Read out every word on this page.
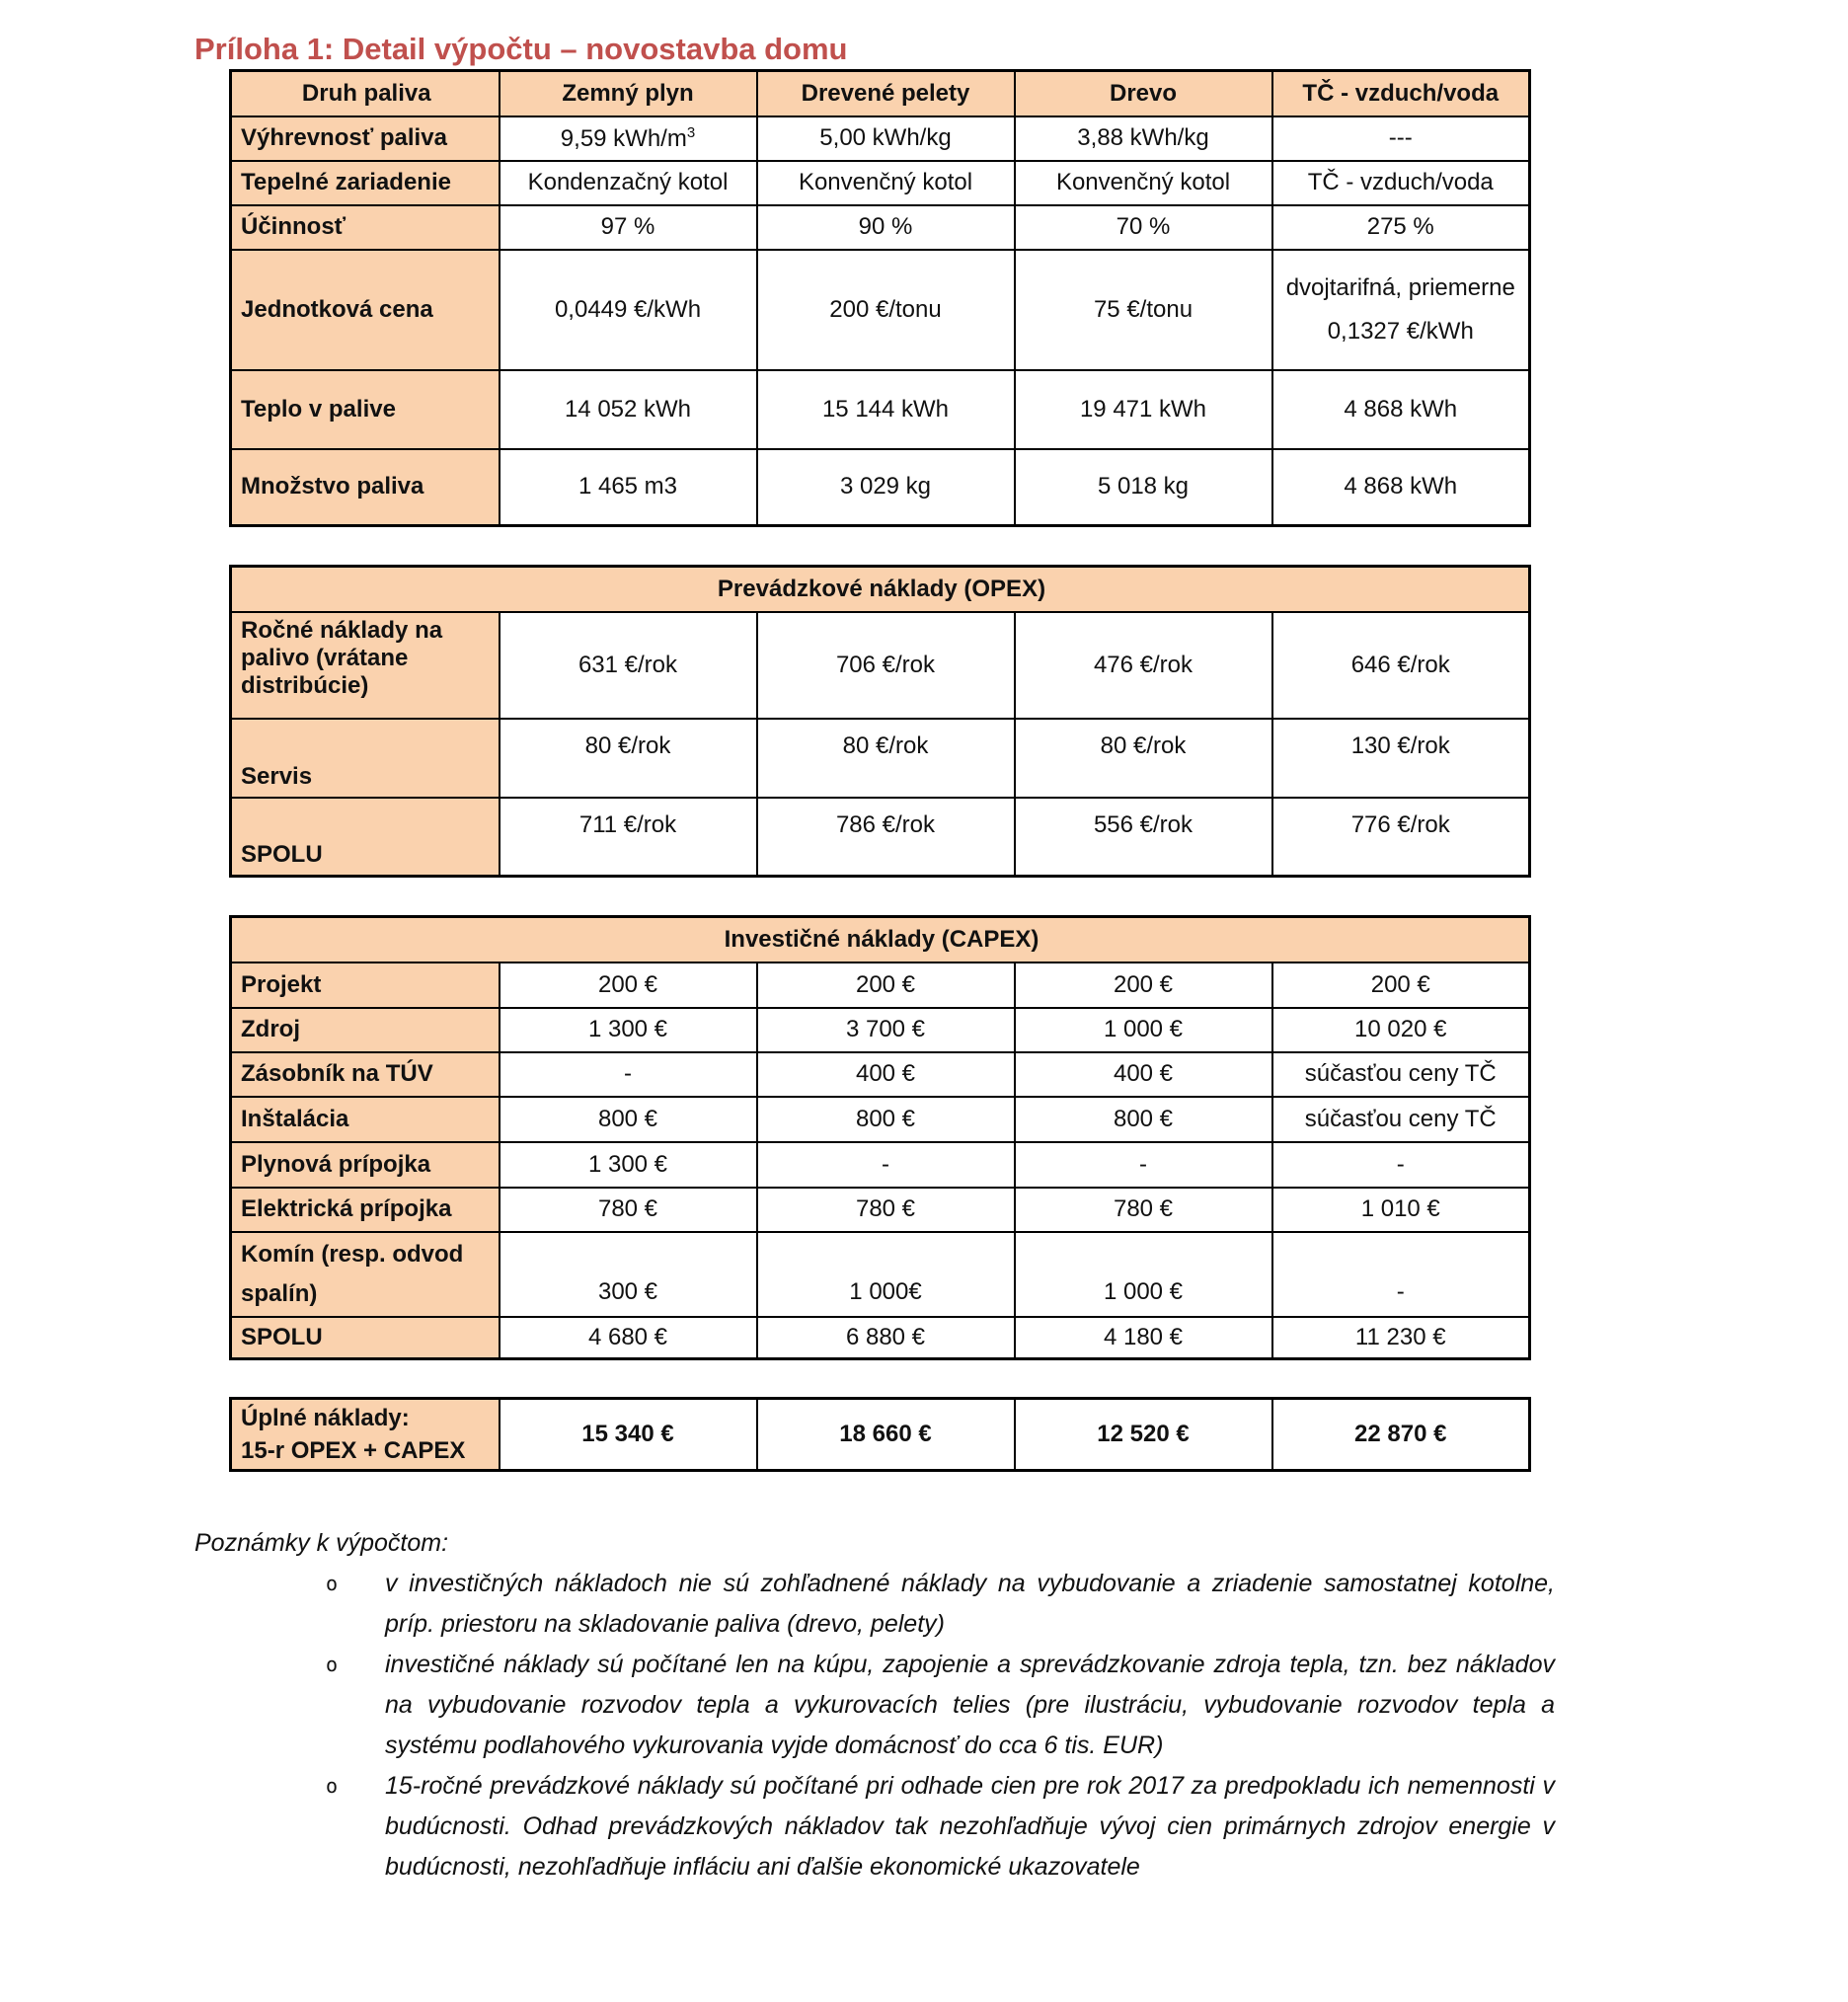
Príloha 1: Detail výpočtu – novostavba domu
Druh paliva	Zemný plyn	Drevené pelety	Drevo	TČ - vzduch/voda
Výhrevnosť paliva	9,59 kWh/$m^3$	5,00 kWh/kg	3,88 kWh/kg	---
Tepelné zariadenie	Kondenzačný kotol	Konvenčný kotol	Konvenčný kotol	TČ - vzduch/voda
Účinnosť	97 %	90 %	70 %	275 %
Jednotková cena	0,0449 €/kWh	200 €/tonu	75 €/tonu	dvojtarifná, priemerne
0,1327 €/kWh

Teplo v palive	14 052 kWh	15 144 kWh	19 471 kWh	4 868 kWh
Množstvo paliva	1 465 m3	3 029 kg	5 018 kg	4 868 kWh
Prevádzkové náklady (OPEX)				

Ročné náklady na
palivo (vrátane
distribúcie)	631 €/rok	706 €/rok	476 €/rok	646 €/rok
Servis	80 €/rok	80 €/rok	80 €/rok	130 €/rok
SPOLU	711 €/rok	786 €/rok	556 €/rok	776 €/rok
Investičné náklady (CAPEX)				
Projekt	200 €	200 €	200 €	200 €
Zdroj	1 300 €	3 700 €	1 000 €	10 020 €
Zásobník na TÚV	-	400 €	400 €	súčasťou ceny TČ
Inštalácia	800 €	800 €	800 €	súčasťou ceny TČ
Plynová prípojka	1 300 €	-	-	-
Elektrická prípojka	780 €	780 €	780 €	1 010 €

Komín (resp. odvod
spalín)	300 €	1 000€	1 000 €	-
SPOLU	4 680 €	6 880 €	4 180 €	11 230 €
Úplné náklady:
15-r OPEX + CAPEX
	15 340 €	18 660 €	12 520 €	22 870 €

Poznámky k výpočtom:

o	v investičných nákladoch nie sú zohľadnené náklady na vybudovanie a zriadenie samostatnej kotolne, príp. priestoru na skladovanie paliva (drevo, pelety)

o	investičné náklady sú počítané len na kúpu, zapojenie a sprevádzkovanie zdroja tepla, tzn. bez nákladov na vybudovanie rozvodov tepla a vykurovacích telies (pre ilustráciu, vybudovanie rozvodov tepla a systému podlahového vykurovania vyjde domácnosť do cca 6 tis. EUR)

o	15-ročné prevádzkové náklady sú počítané pri odhade cien pre rok 2017 za predpokladu ich nemennosti v budúcnosti. Odhad prevádzkových nákladov tak nezohľadňuje vývoj cien primárnych zdrojov energie v budúcnosti, nezohľadňuje infláciu ani ďalšie ekonomické ukazovatele
